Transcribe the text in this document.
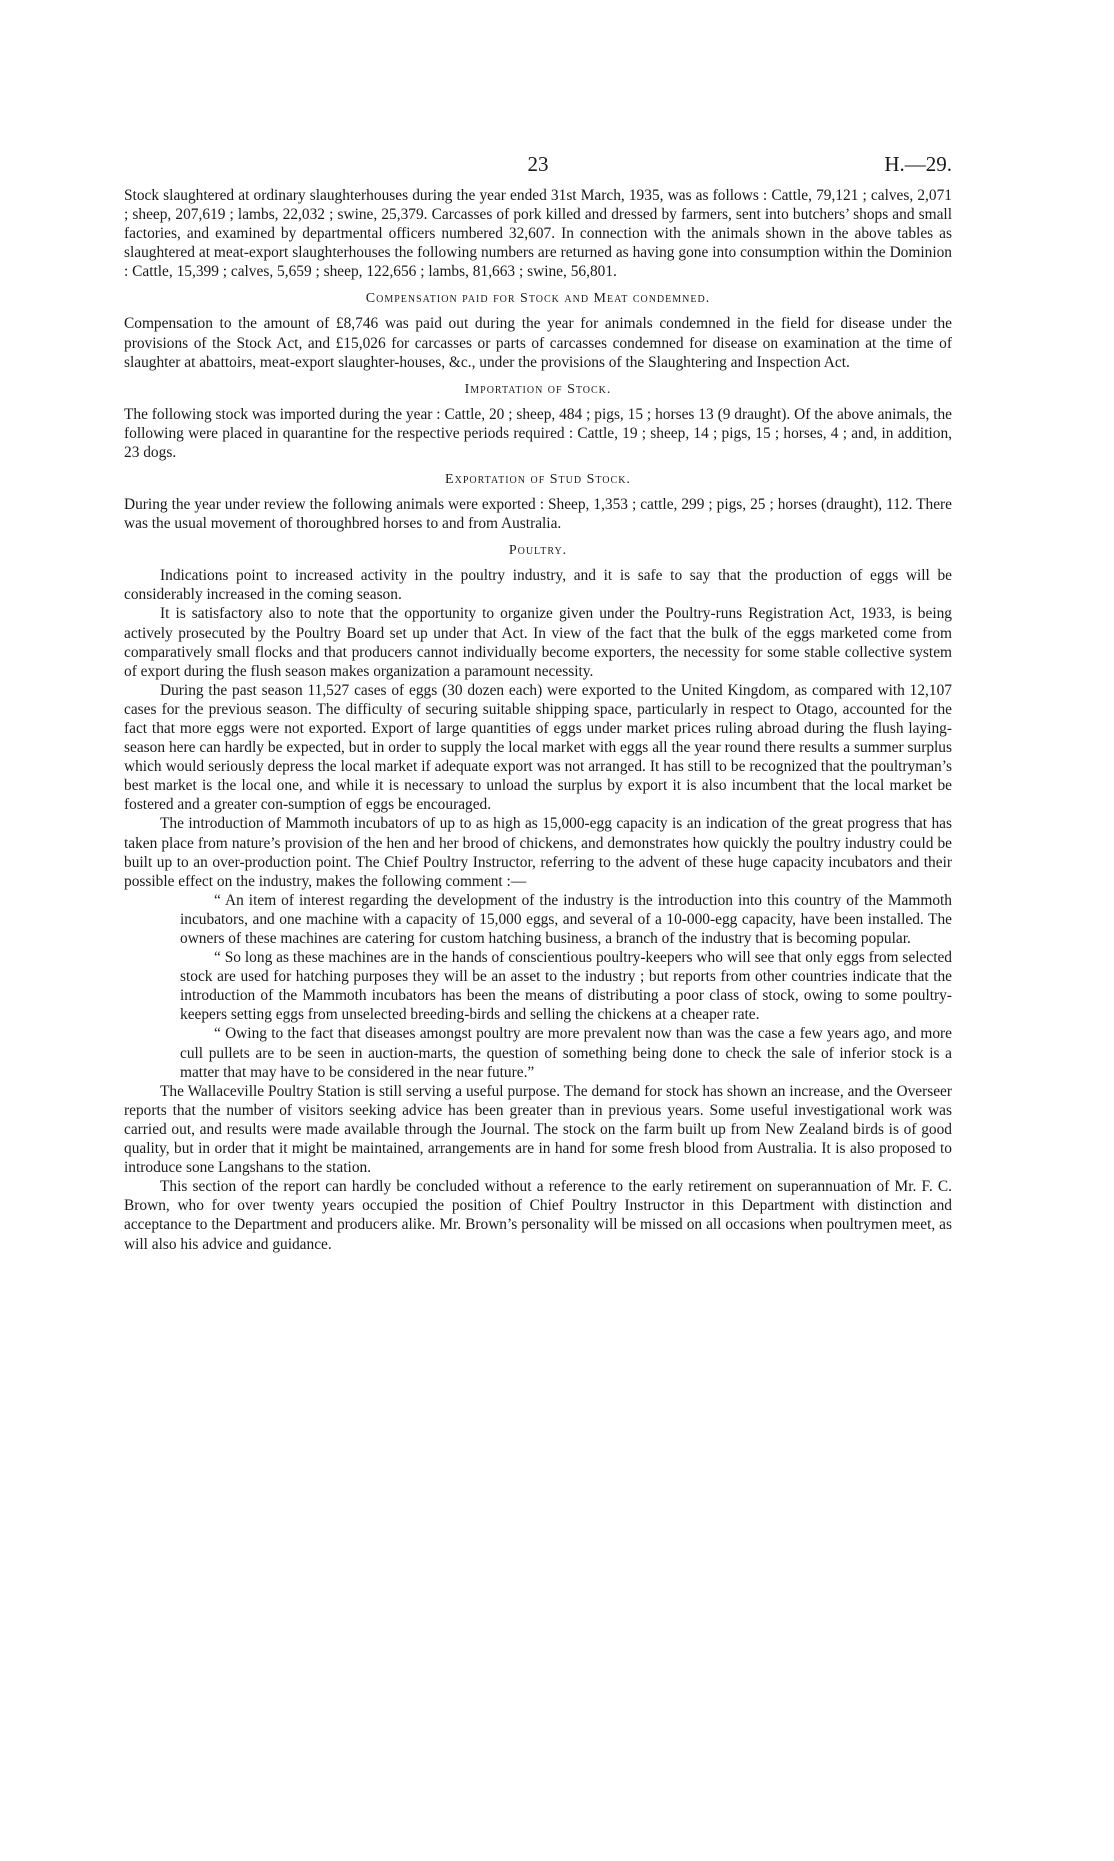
23	H.—29.

Stock slaughtered at ordinary slaughterhouses during the year ended 31st March, 1935, was as follows : Cattle, 79,121 ; calves, 2,071 ; sheep, 207,619 ; lambs, 22,032 ; swine, 25,379. Carcasses of pork killed and dressed by farmers, sent into butchers’ shops and small factories, and examined by departmental officers numbered 32,607. In connection with the animals shown in the above tables as slaughtered at meat-export slaughterhouses the following numbers are returned as having gone into consumption within the Dominion : Cattle, 15,399 ; calves, 5,659 ; sheep, 122,656 ; lambs, 81,663 ; swine, 56,801.

Compensation paid for Stock and Meat condemned.

Compensation to the amount of £8,746 was paid out during the year for animals condemned in the field for disease under the provisions of the Stock Act, and £15,026 for carcasses or parts of carcasses condemned for disease on examination at the time of slaughter at abattoirs, meat-export slaughter-houses, &c., under the provisions of the Slaughtering and Inspection Act.

Importation of Stock.

The following stock was imported during the year : Cattle, 20 ; sheep, 484 ; pigs, 15 ; horses 13 (9 draught). Of the above animals, the following were placed in quarantine for the respective periods required : Cattle, 19 ; sheep, 14 ; pigs, 15 ; horses, 4 ; and, in addition, 23 dogs.

Exportation of Stud Stock.

During the year under review the following animals were exported : Sheep, 1,353 ; cattle, 299 ; pigs, 25 ; horses (draught), 112. There was the usual movement of thoroughbred horses to and from Australia.

Poultry.

Indications point to increased activity in the poultry industry, and it is safe to say that the production of eggs will be considerably increased in the coming season.

It is satisfactory also to note that the opportunity to organize given under the Poultry-runs Registration Act, 1933, is being actively prosecuted by the Poultry Board set up under that Act. In view of the fact that the bulk of the eggs marketed come from comparatively small flocks and that producers cannot individually become exporters, the necessity for some stable collective system of export during the flush season makes organization a paramount necessity.

During the past season 11,527 cases of eggs (30 dozen each) were exported to the United Kingdom, as compared with 12,107 cases for the previous season. The difficulty of securing suitable shipping space, particularly in respect to Otago, accounted for the fact that more eggs were not exported. Export of large quantities of eggs under market prices ruling abroad during the flush laying-season here can hardly be expected, but in order to supply the local market with eggs all the year round there results a summer surplus which would seriously depress the local market if adequate export was not arranged. It has still to be recognized that the poultryman’s best market is the local one, and while it is necessary to unload the surplus by export it is also incumbent that the local market be fostered and a greater con-sumption of eggs be encouraged.

The introduction of Mammoth incubators of up to as high as 15,000-egg capacity is an indication of the great progress that has taken place from nature’s provision of the hen and her brood of chickens, and demonstrates how quickly the poultry industry could be built up to an over-production point. The Chief Poultry Instructor, referring to the advent of these huge capacity incubators and their possible effect on the industry, makes the following comment :—

“ An item of interest regarding the development of the industry is the introduction into this country of the Mammoth incubators, and one machine with a capacity of 15,000 eggs, and several of a 10-000-egg capacity, have been installed. The owners of these machines are catering for custom hatching business, a branch of the industry that is becoming popular.

“ So long as these machines are in the hands of conscientious poultry-keepers who will see that only eggs from selected stock are used for hatching purposes they will be an asset to the industry ; but reports from other countries indicate that the introduction of the Mammoth incubators has been the means of distributing a poor class of stock, owing to some poultry-keepers setting eggs from unselected breeding-birds and selling the chickens at a cheaper rate.

“ Owing to the fact that diseases amongst poultry are more prevalent now than was the case a few years ago, and more cull pullets are to be seen in auction-marts, the question of something being done to check the sale of inferior stock is a matter that may have to be considered in the near future.”

The Wallaceville Poultry Station is still serving a useful purpose. The demand for stock has shown an increase, and the Overseer reports that the number of visitors seeking advice has been greater than in previous years. Some useful investigational work was carried out, and results were made available through the Journal. The stock on the farm built up from New Zealand birds is of good quality, but in order that it might be maintained, arrangements are in hand for some fresh blood from Australia. It is also proposed to introduce sone Langshans to the station.

This section of the report can hardly be concluded without a reference to the early retirement on superannuation of Mr. F. C. Brown, who for over twenty years occupied the position of Chief Poultry Instructor in this Department with distinction and acceptance to the Department and producers alike. Mr. Brown’s personality will be missed on all occasions when poultrymen meet, as will also his advice and guidance.
